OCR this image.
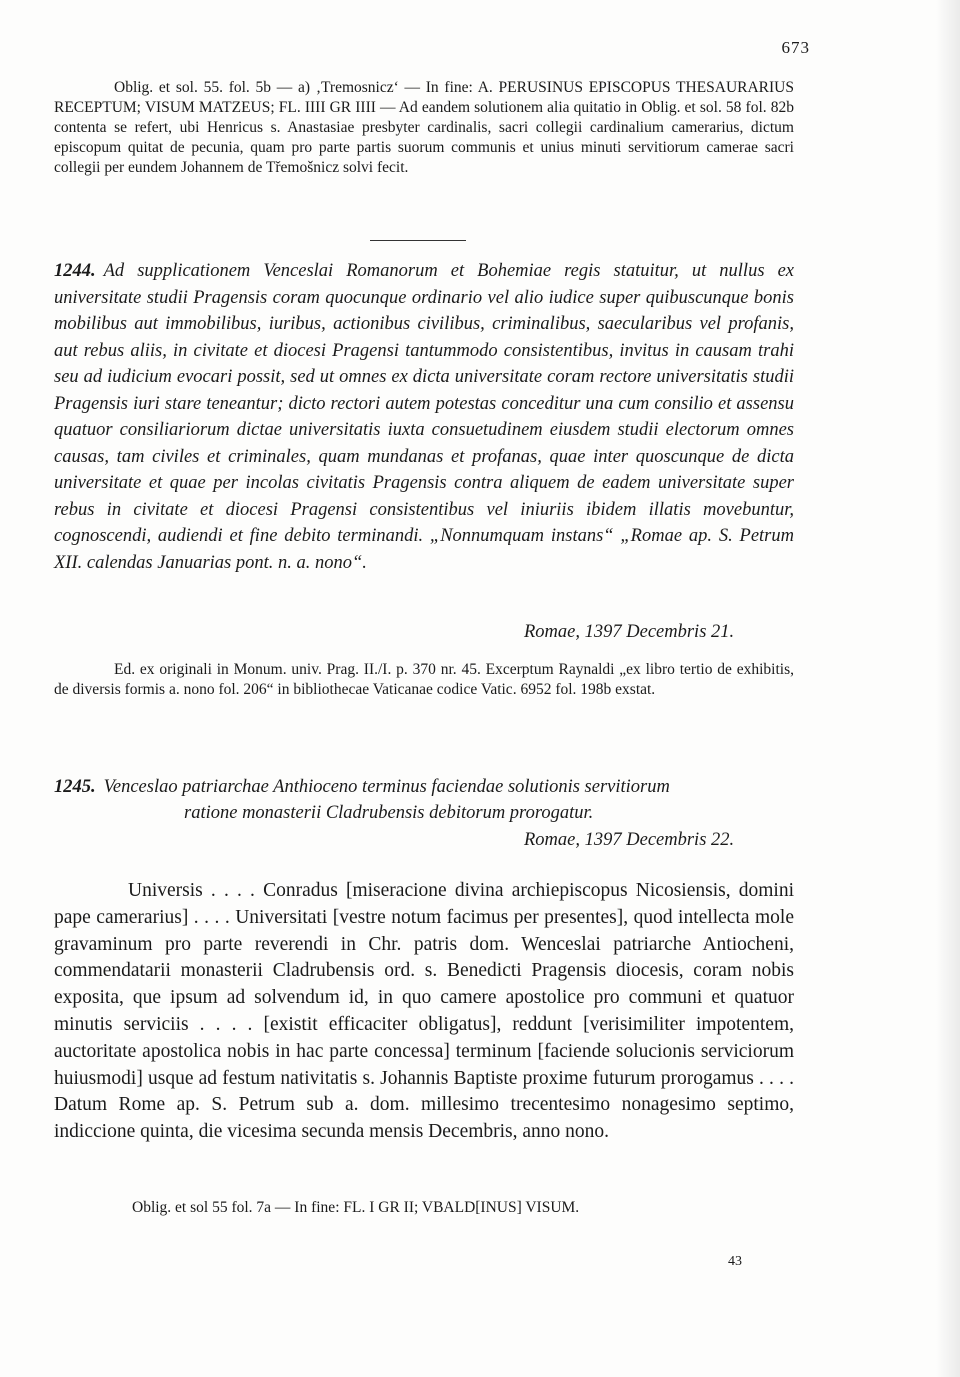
673

Oblig. et sol. 55. fol. 5b — a) ‚Tremosnicz‘ — In fine: A. PERUSINUS EPISCOPUS THESAURARIUS RECEPTUM; VISUM MATZEUS; FL. IIII GR IIII — Ad eandem solutionem alia quitatio in Oblig. et sol. 58 fol. 82b contenta se refert, ubi Henricus s. Anastasiae presbyter cardinalis, sacri collegii cardinalium camerarius, dictum episcopum quitat de pecunia, quam pro parte partis suorum communis et unius minuti servitiorum camerae sacri collegii per eundem Johannem de Třemošnicz solvi fecit.

1244. Ad supplicationem Venceslai Romanorum et Bohemiae regis statuitur, ut nullus ex universitate studii Pragensis coram quocunque ordinario vel alio iudice super quibuscunque bonis mobilibus aut immobilibus, iuribus, actionibus civilibus, criminalibus, saecularibus vel profanis, aut rebus aliis, in civitate et diocesi Pragensi tantummodo consistentibus, invitus in causam trahi seu ad iudicium evocari possit, sed ut omnes ex dicta universitate coram rectore universitatis studii Pragensis iuri stare teneantur; dicto rectori autem potestas conceditur una cum consilio et assensu quatuor consiliariorum dictae universitatis iuxta consuetudinem eiusdem studii electorum omnes causas, tam civiles et criminales, quam mundanas et profanas, quae inter quoscunque de dicta universitate et quae per incolas civitatis Pragensis contra aliquem de eadem universitate super rebus in civitate et diocesi Pragensi consistentibus vel iniuriis ibidem illatis movebuntur, cognoscendi, audiendi et fine debito terminandi. „Nonnumquam instans“ „Romae ap. S. Petrum XII. calendas Januarias pont. n. a. nono“.
Romae, 1397 Decembris 21.

Ed. ex originali in Monum. univ. Prag. II./I. p. 370 nr. 45. Excerptum Raynaldi „ex libro tertio de exhibitis, de diversis formis a. nono fol. 206“ in bibliothecae Vaticanae codice Vatic. 6952 fol. 198b exstat.

1245. Venceslao patriarchae Anthioceno terminus faciendae solutionis servitiorum
ratione monasterii Cladrubensis debitorum prorogatur.
Romae, 1397 Decembris 22.
Universis . . . . Conradus [miseracione divina archiepiscopus Nicosiensis, domini pape camerarius] . . . . Universitati [vestre notum facimus per presentes], quod intellecta mole gravaminum pro parte reverendi in Chr. patris dom. Wenceslai patriarche Antiocheni, commendatarii monasterii Cladrubensis ord. s. Benedicti Pragensis diocesis, coram nobis exposita, que ipsum ad solvendum id, in quo camere apostolice pro communi et quatuor minutis serviciis . . . . [existit efficaciter obligatus], reddunt [verisimiliter impotentem, auctoritate apostolica nobis in hac parte concessa] terminum [faciende solucionis serviciorum huiusmodi] usque ad festum nativitatis s. Johannis Baptiste proxime futurum prorogamus . . . . Datum Rome ap. S. Petrum sub a. dom. millesimo trecentesimo nonagesimo septimo, indiccione quinta, die vicesima secunda mensis Decembris, anno nono.
Oblig. et sol 55 fol. 7a — In fine: FL. I GR II; VBALD[INUS] VISUM.
43
